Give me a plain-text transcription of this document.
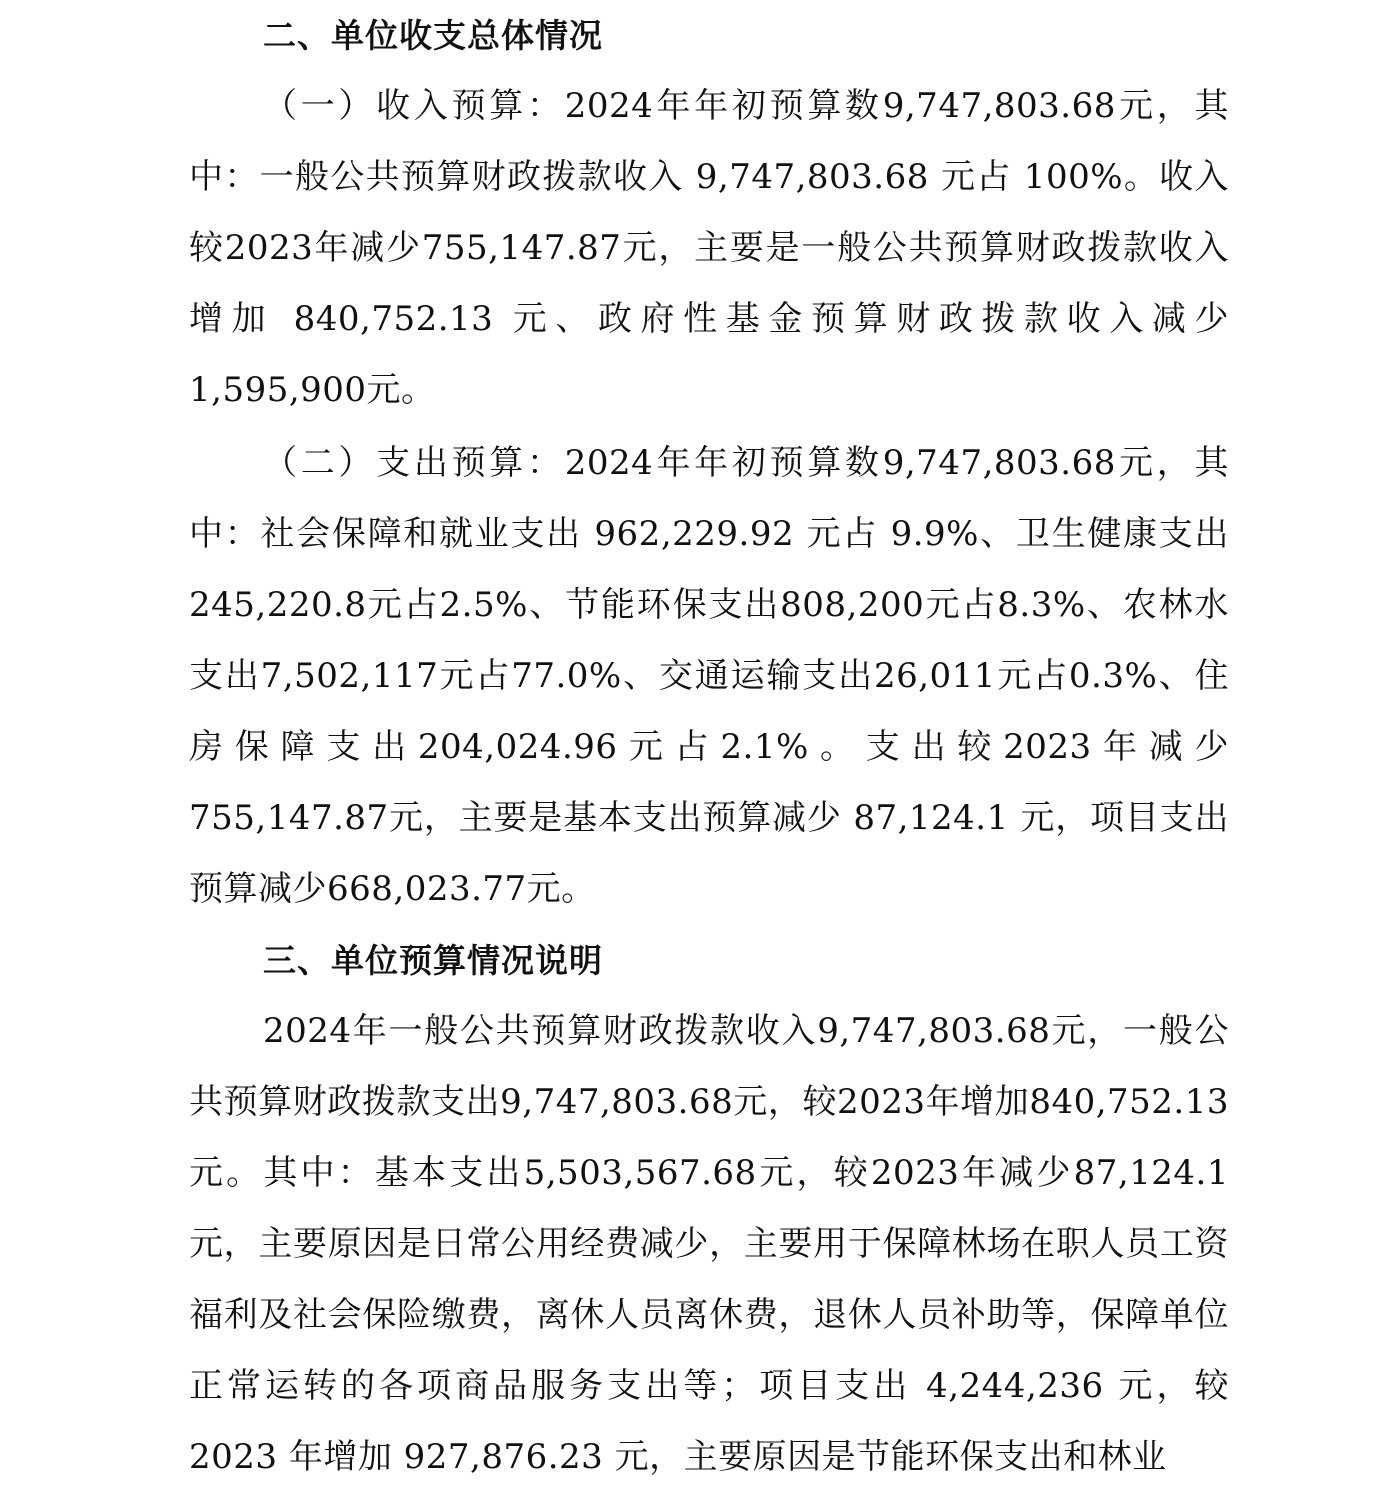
二、单位收支总体情况

（一）收入预算：2024年年初预算数9,747,803.68元，其中：一般公共预算财政拨款收入 9,747,803.68 元占 100%。收入较2023年减少755,147.87元，主要是一般公共预算财政拨款收入增加 840,752.13 元、政府性基金预算财政拨款收入减少 1,595,900元。

（二）支出预算：2024年年初预算数9,747,803.68元，其中：社会保障和就业支出 962,229.92 元占 9.9%、卫生健康支出245,220.8元占2.5%、节能环保支出808,200元占8.3%、农林水支出7,502,117元占77.0%、交通运输支出26,011元占0.3%、住房保障支出204,024.96元占2.1%。支出较2023年减少755,147.87元，主要是基本支出预算减少 87,124.1 元，项目支出预算减少668,023.77元。

三、单位预算情况说明

2024年一般公共预算财政拨款收入9,747,803.68元，一般公共预算财政拨款支出9,747,803.68元，较2023年增加840,752.13元。其中：基本支出5,503,567.68元，较2023年减少87,124.1元，主要原因是日常公用经费减少，主要用于保障林场在职人员工资福利及社会保险缴费，离休人员离休费，退休人员补助等，保障单位正常运转的各项商品服务支出等；项目支出 4,244,236 元，较 2023 年增加 927,876.23 元，主要原因是节能环保支出和林业
